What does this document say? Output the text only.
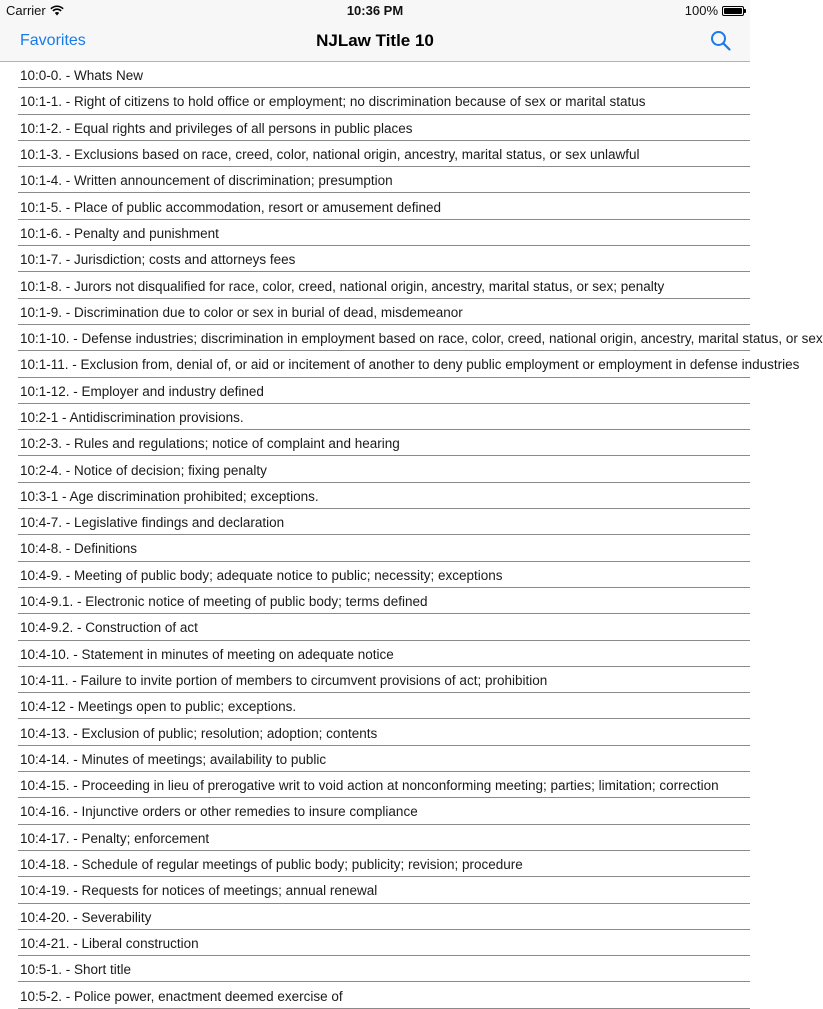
Carrier	10:36 PM	100%
Favorites	NJLaw Title 10
10:0-0. - Whats New
10:1-1. - Right of citizens to hold office or employment; no discrimination because of sex or marital status
10:1-2. - Equal rights and privileges of all persons in public places
10:1-3. - Exclusions based on race, creed, color, national origin, ancestry, marital status, or sex unlawful
10:1-4. - Written announcement of discrimination; presumption
10:1-5. - Place of public accommodation, resort or amusement defined
10:1-6. - Penalty and punishment
10:1-7. - Jurisdiction; costs and attorneys fees
10:1-8. - Jurors not disqualified for race, color, creed, national origin, ancestry, marital status, or sex; penalty
10:1-9. - Discrimination due to color or sex in burial of dead, misdemeanor
10:1-10. - Defense industries; discrimination in employment based on race, color, creed, national origin, ancestry, marital status, or sex
10:1-11. - Exclusion from, denial of, or aid or incitement of another to deny public employment or employment in defense industries
10:1-12. - Employer and industry defined
10:2-1 - Antidiscrimination provisions.
10:2-3. - Rules and regulations; notice of complaint and hearing
10:2-4. - Notice of decision; fixing penalty
10:3-1 - Age discrimination prohibited; exceptions.
10:4-7. - Legislative findings and declaration
10:4-8. - Definitions
10:4-9. - Meeting of public body; adequate notice to public; necessity; exceptions
10:4-9.1. - Electronic notice of meeting of public body; terms defined
10:4-9.2. - Construction of act
10:4-10. - Statement in minutes of meeting on adequate notice
10:4-11. - Failure to invite portion of members to circumvent provisions of act; prohibition
10:4-12 - Meetings open to public; exceptions.
10:4-13. - Exclusion of public; resolution; adoption; contents
10:4-14. - Minutes of meetings; availability to public
10:4-15. - Proceeding in lieu of prerogative writ to void action at nonconforming meeting; parties; limitation; correction
10:4-16. - Injunctive orders or other remedies to insure compliance
10:4-17. - Penalty; enforcement
10:4-18. - Schedule of regular meetings of public body; publicity; revision; procedure
10:4-19. - Requests for notices of meetings; annual renewal
10:4-20. - Severability
10:4-21. - Liberal construction
10:5-1. - Short title
10:5-2. - Police power, enactment deemed exercise of
